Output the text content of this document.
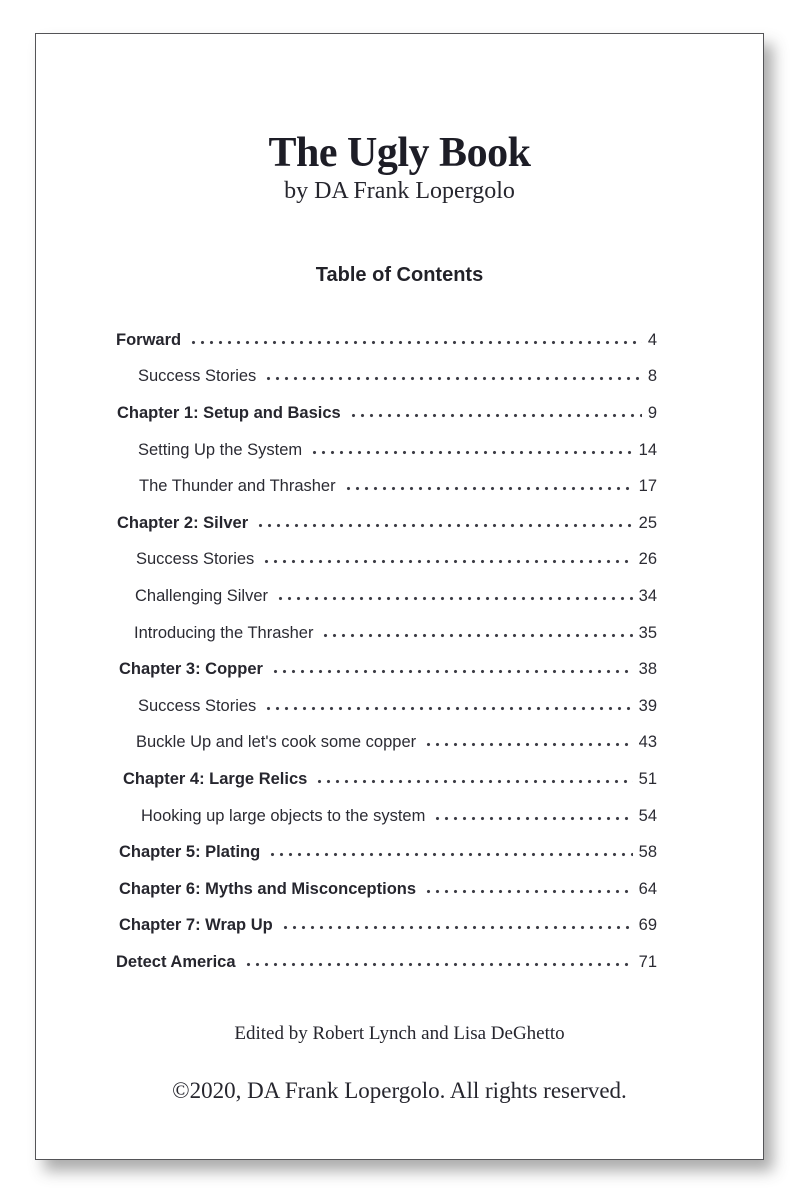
The Ugly Book
by DA Frank Lopergolo
Table of Contents
Forward	4
Success Stories	8
Chapter 1: Setup and Basics	9
Setting Up the System	14
The Thunder and Thrasher	17
Chapter 2: Silver	25
Success Stories	26
Challenging Silver	34
Introducing the Thrasher	35
Chapter 3: Copper	38
Success Stories	39
Buckle Up and let's cook some copper	43
Chapter 4: Large Relics	51
Hooking up large objects to the system	54
Chapter 5: Plating	58
Chapter 6: Myths and Misconceptions	64
Chapter 7: Wrap Up	69
Detect America	71
Edited by Robert Lynch and Lisa DeGhetto
©2020, DA Frank Lopergolo. All rights reserved.
